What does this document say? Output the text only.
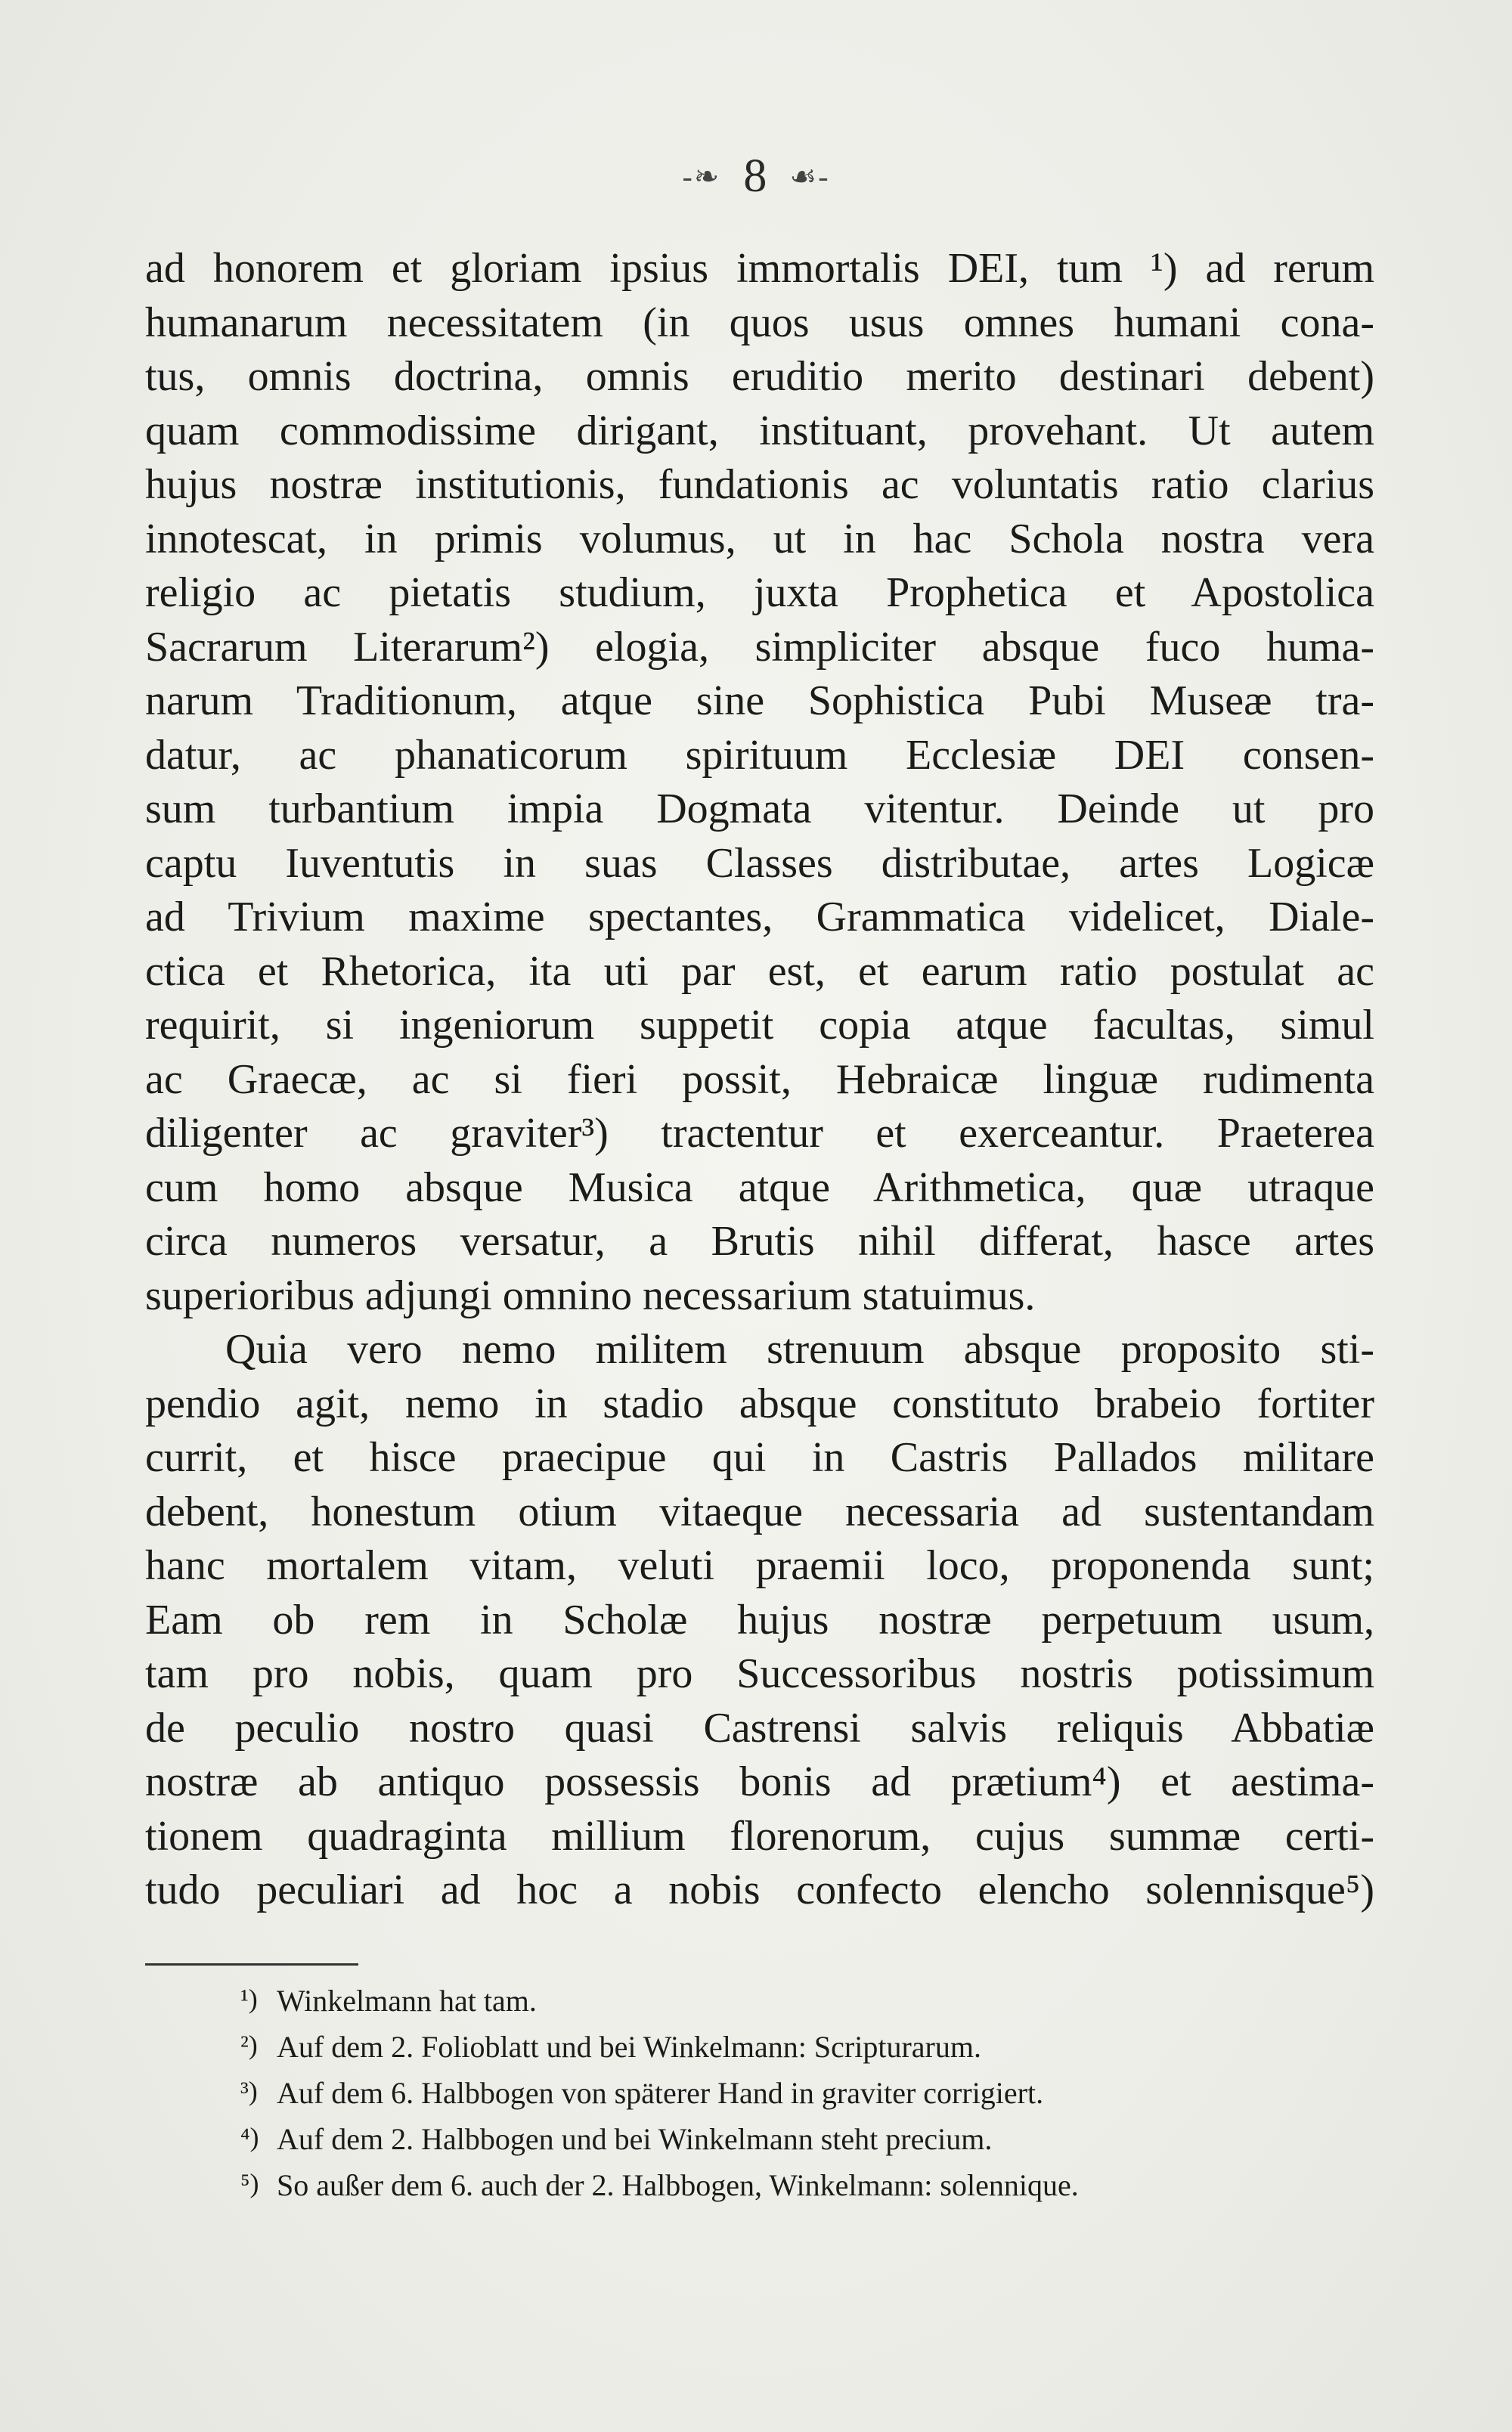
-❧ 8 ☙-
ad honorem et gloriam ipsius immortalis DEI, tum ¹) ad rerum
humanarum necessitatem (in quos usus omnes humani cona-
tus, omnis doctrina, omnis eruditio merito destinari debent)
quam commodissime dirigant, instituant, provehant. Ut autem
hujus nostræ institutionis, fundationis ac voluntatis ratio clarius
innotescat, in primis volumus, ut in hac Schola nostra vera
religio ac pietatis studium, juxta Prophetica et Apostolica
Sacrarum Literarum²) elogia, simpliciter absque fuco huma-
narum Traditionum, atque sine Sophistica Pubi Museæ tra-
datur, ac phanaticorum spirituum Ecclesiæ DEI consen-
sum turbantium impia Dogmata vitentur. Deinde ut pro
captu Iuventutis in suas Classes distributae, artes Logicæ
ad Trivium maxime spectantes, Grammatica videlicet, Diale-
ctica et Rhetorica, ita uti par est, et earum ratio postulat ac
requirit, si ingeniorum suppetit copia atque facultas, simul
ac Graecæ, ac si fieri possit, Hebraicæ linguæ rudimenta
diligenter ac graviter³) tractentur et exerceantur. Praeterea
cum homo absque Musica atque Arithmetica, quæ utraque
circa numeros versatur, a Brutis nihil differat, hasce artes
superioribus adjungi omnino necessarium statuimus.
Quia vero nemo militem strenuum absque proposito sti-
pendio agit, nemo in stadio absque constituto brabeio fortiter
currit, et hisce praecipue qui in Castris Pallados militare
debent, honestum otium vitaeque necessaria ad sustentandam
hanc mortalem vitam, veluti praemii loco, proponenda sunt;
Eam ob rem in Scholæ hujus nostræ perpetuum usum,
tam pro nobis, quam pro Successoribus nostris potissimum
de peculio nostro quasi Castrensi salvis reliquis Abbatiæ
nostræ ab antiquo possessis bonis ad prætium⁴) et aestima-
tionem quadraginta millium florenorum, cujus summæ certi-
tudo peculiari ad hoc a nobis confecto elencho solennisque⁵)
¹) Winkelmann hat tam.
²) Auf dem 2. Folioblatt und bei Winkelmann: Scripturarum.
³) Auf dem 6. Halbbogen von späterer Hand in graviter corrigiert.
⁴) Auf dem 2. Halbbogen und bei Winkelmann steht precium.
⁵) So außer dem 6. auch der 2. Halbbogen, Winkelmann: solennique.
